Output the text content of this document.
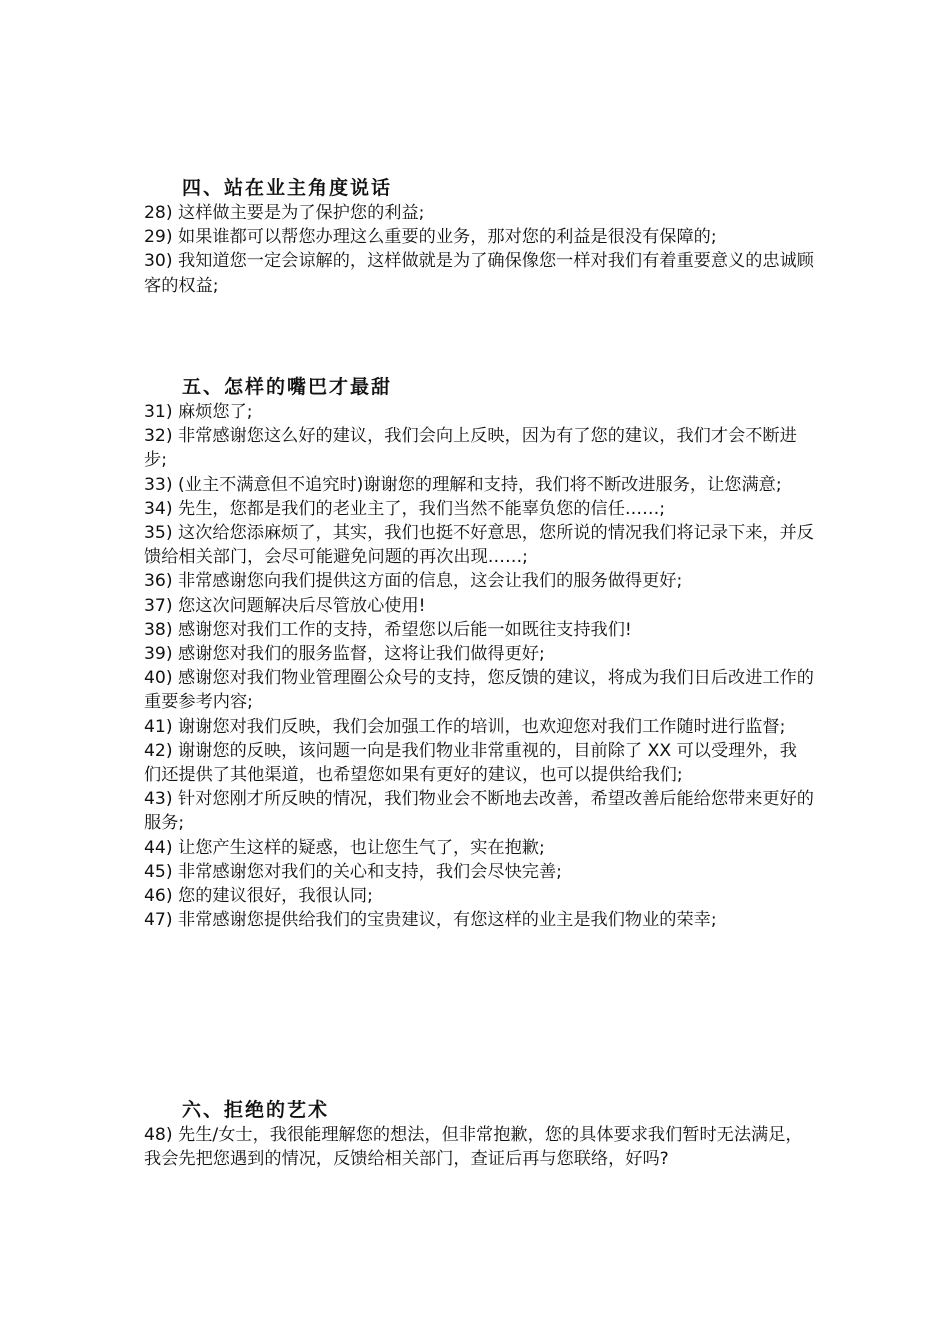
四、站在业主角度说话

28) 这样做主要是为了保护您的利益;

29) 如果谁都可以帮您办理这么重要的业务，那对您的利益是很没有保障的;

30) 我知道您一定会谅解的，这样做就是为了确保像您一样对我们有着重要意义的忠诚顾客的权益;

五、怎样的嘴巴才最甜

31) 麻烦您了;

32) 非常感谢您这么好的建议，我们会向上反映，因为有了您的建议，我们才会不断进步;

33) (业主不满意但不追究时)谢谢您的理解和支持，我们将不断改进服务，让您满意;

34) 先生，您都是我们的老业主了，我们当然不能辜负您的信任……;

35) 这次给您添麻烦了，其实，我们也挺不好意思，您所说的情况我们将记录下来，并反馈给相关部门，会尽可能避免问题的再次出现……;

36) 非常感谢您向我们提供这方面的信息，这会让我们的服务做得更好;

37) 您这次问题解决后尽管放心使用!

38) 感谢您对我们工作的支持，希望您以后能一如既往支持我们!

39) 感谢您对我们的服务监督，这将让我们做得更好;

40) 感谢您对我们物业管理圈公众号的支持，您反馈的建议，将成为我们日后改进工作的重要参考内容;

41) 谢谢您对我们反映，我们会加强工作的培训，也欢迎您对我们工作随时进行监督;

42) 谢谢您的反映，该问题一向是我们物业非常重视的，目前除了 XX 可以受理外，我们还提供了其他渠道，也希望您如果有更好的建议，也可以提供给我们;

43) 针对您刚才所反映的情况，我们物业会不断地去改善，希望改善后能给您带来更好的服务;

44) 让您产生这样的疑惑，也让您生气了，实在抱歉;

45) 非常感谢您对我们的关心和支持，我们会尽快完善;

46) 您的建议很好，我很认同;

47) 非常感谢您提供给我们的宝贵建议，有您这样的业主是我们物业的荣幸;

六、拒绝的艺术

48) 先生/女士，我很能理解您的想法，但非常抱歉，您的具体要求我们暂时无法满足，我会先把您遇到的情况，反馈给相关部门，查证后再与您联络，好吗?
